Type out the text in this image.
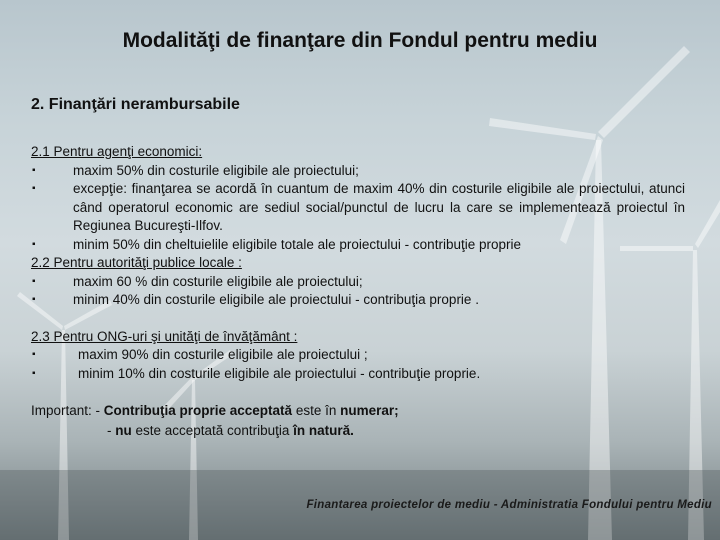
Modalităţi de finanţare din Fondul pentru mediu
2. Finanţări nerambursabile
2.1 Pentru agenţi economici:
▪	maxim 50% din costurile eligibile ale proiectului;
▪	excepţie: finanţarea se acordă în cuantum de maxim 40% din costurile eligibile ale proiectului, atunci când operatorul economic are sediul social/punctul de lucru la care se implementează proiectul în Regiunea Bucureşti-Ilfov.
▪	minim 50% din cheltuielile eligibile totale ale proiectului - contribuţie proprie
2.2 Pentru autorităţi publice locale :
▪	maxim 60 % din costurile eligibile ale proiectului;
▪	minim 40% din costurile eligibile ale proiectului - contribuţia proprie .
2.3 Pentru ONG-uri şi unităţi de învăţământ :
▪	maxim 90% din costurile eligibile ale proiectului ;
▪	minim 10% din costurile eligibile ale proiectului - contribuţie proprie.
Important: - Contribuţia proprie acceptată este în numerar;
- nu este acceptată contribuţia în natură.
Finantarea proiectelor de mediu - Administratia Fondului pentru Mediu
